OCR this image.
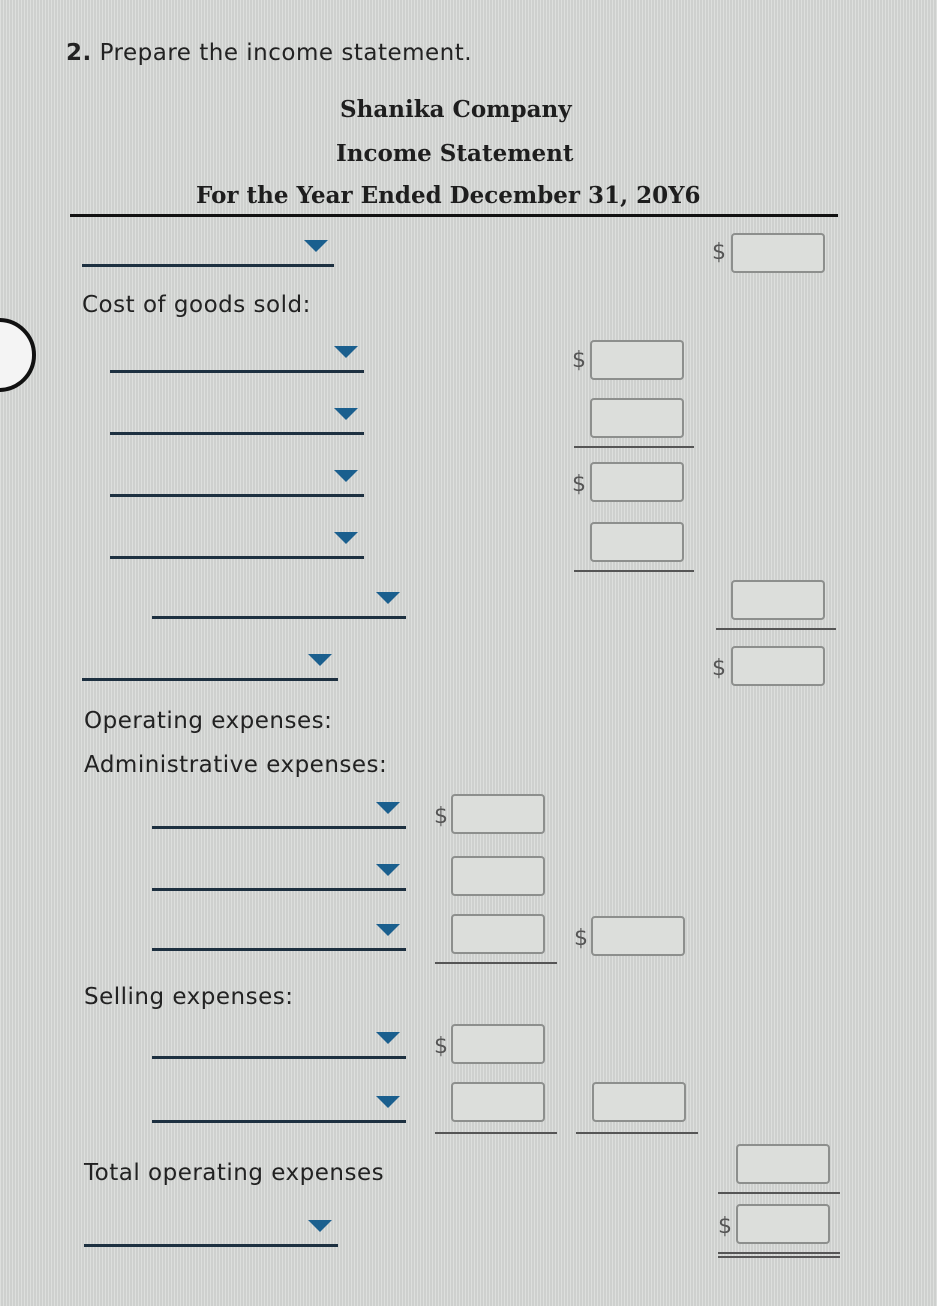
2. Prepare the income statement.
Shanika Company
Income Statement
For the Year Ended December 31, 20Y6
$
Cost of goods sold:
$
$
$
Operating expenses:
Administrative expenses:
$
$
Selling expenses:
$
Total operating expenses
$
